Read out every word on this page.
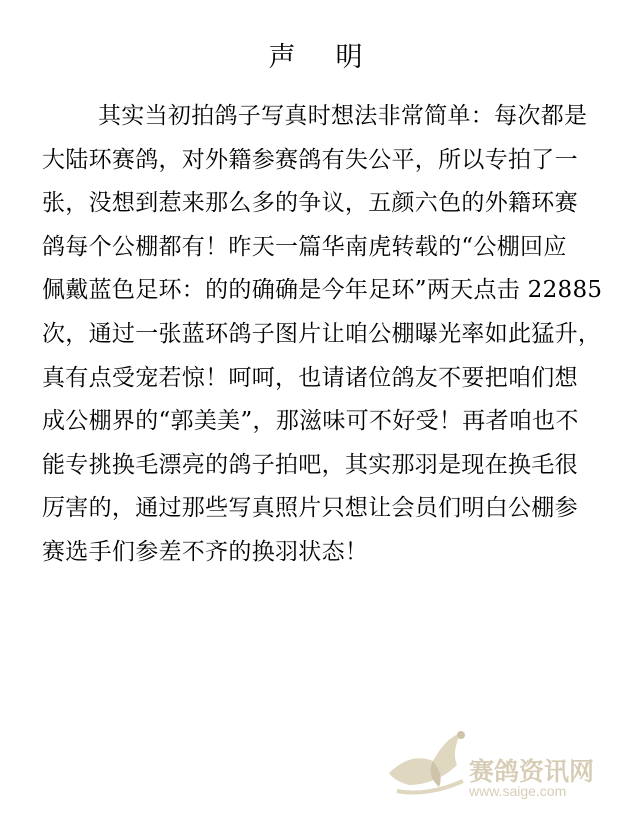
声明
其实当初拍鸽子写真时想法非常简单：每次都是
大陆环赛鸽，对外籍参赛鸽有失公平，所以专拍了一
张，没想到惹来那么多的争议，五颜六色的外籍环赛
鸽每个公棚都有！昨天一篇华南虎转载的“公棚回应
佩戴蓝色足环：的的确确是今年足环”两天点击 22885
次，通过一张蓝环鸽子图片让咱公棚曝光率如此猛升，
真有点受宠若惊！呵呵，也请诸位鸽友不要把咱们想
成公棚界的“郭美美”，那滋味可不好受！再者咱也不
能专挑换毛漂亮的鸽子拍吧，其实那羽是现在换毛很
厉害的，通过那些写真照片只想让会员们明白公棚参
赛选手们参差不齐的换羽状态！
赛鸽资讯网
www.saige.com
